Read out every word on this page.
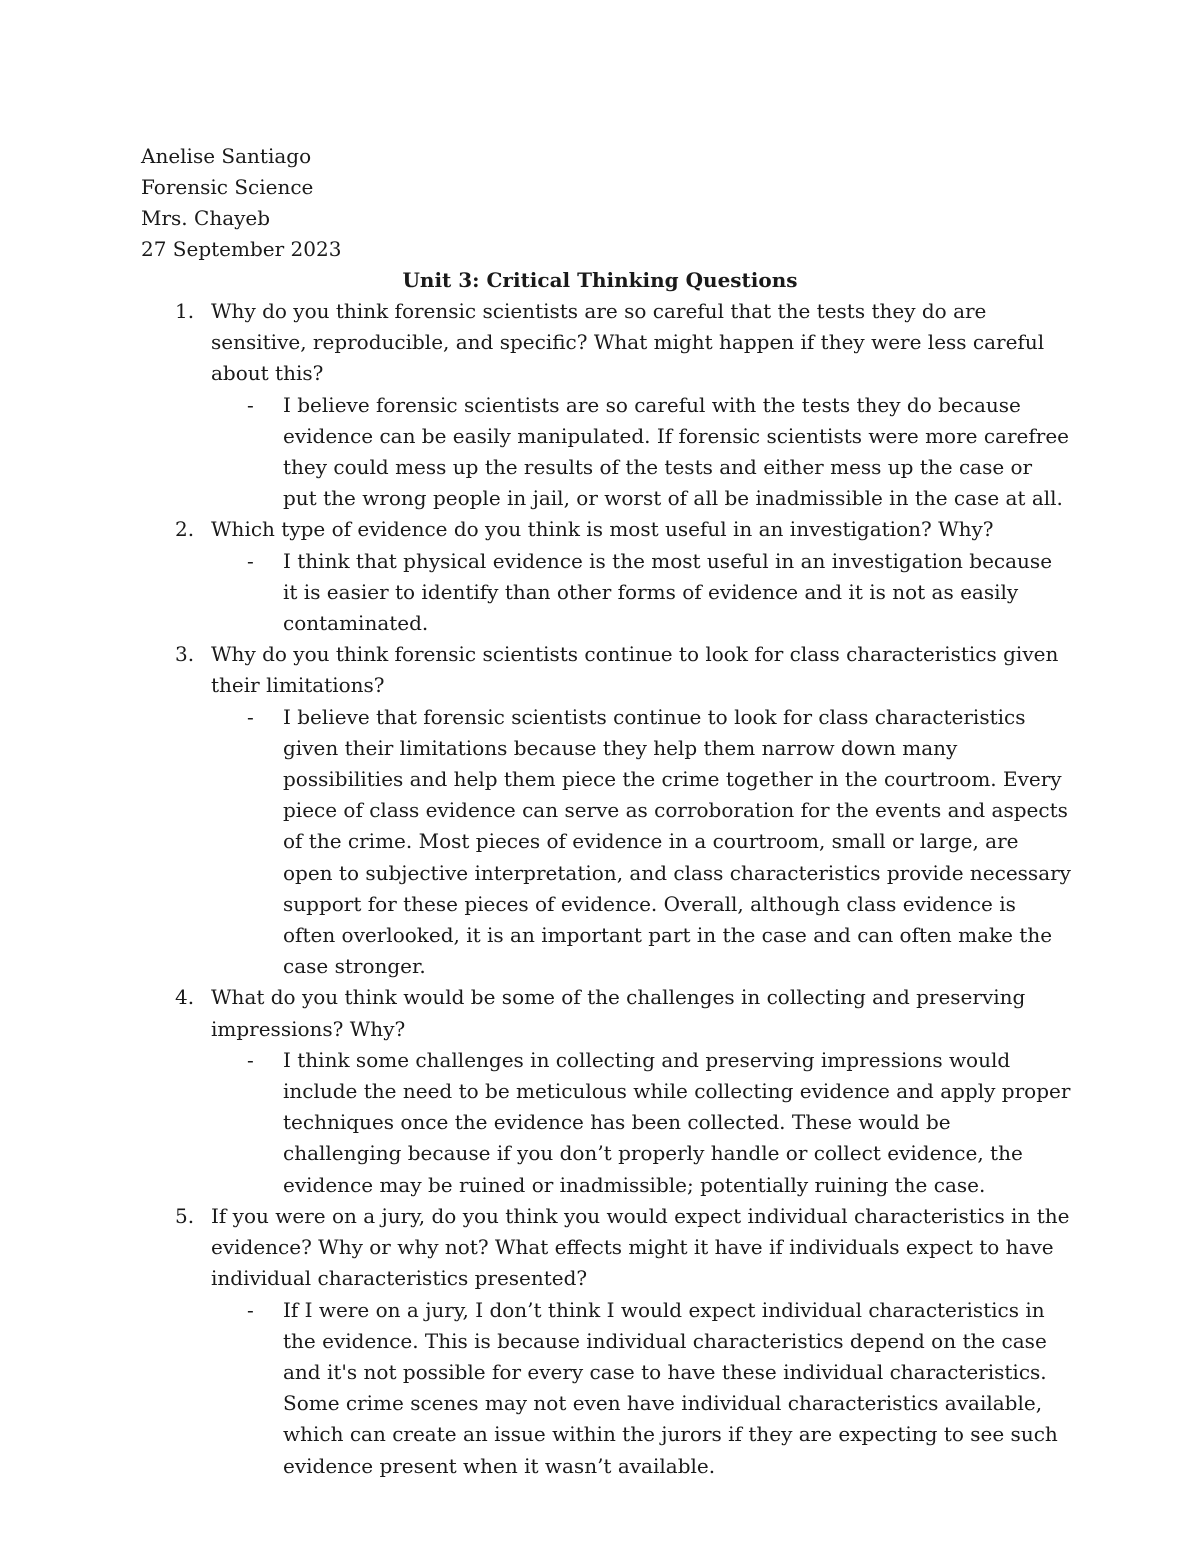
Anelise Santiago
Forensic Science
Mrs. Chayeb
27 September 2023
Unit 3: Critical Thinking Questions
1. Why do you think forensic scientists are so careful that the tests they do are sensitive, reproducible, and specific? What might happen if they were less careful about this?
- I believe forensic scientists are so careful with the tests they do because evidence can be easily manipulated. If forensic scientists were more carefree they could mess up the results of the tests and either mess up the case or put the wrong people in jail, or worst of all be inadmissible in the case at all.
2. Which type of evidence do you think is most useful in an investigation? Why?
- I think that physical evidence is the most useful in an investigation because it is easier to identify than other forms of evidence and it is not as easily contaminated.
3. Why do you think forensic scientists continue to look for class characteristics given their limitations?
- I believe that forensic scientists continue to look for class characteristics given their limitations because they help them narrow down many possibilities and help them piece the crime together in the courtroom. Every piece of class evidence can serve as corroboration for the events and aspects of the crime. Most pieces of evidence in a courtroom, small or large, are open to subjective interpretation, and class characteristics provide necessary support for these pieces of evidence. Overall, although class evidence is often overlooked, it is an important part in the case and can often make the case stronger.
4. What do you think would be some of the challenges in collecting and preserving impressions? Why?
- I think some challenges in collecting and preserving impressions would include the need to be meticulous while collecting evidence and apply proper techniques once the evidence has been collected. These would be challenging because if you don’t properly handle or collect evidence, the evidence may be ruined or inadmissible; potentially ruining the case.
5. If you were on a jury, do you think you would expect individual characteristics in the evidence? Why or why not? What effects might it have if individuals expect to have individual characteristics presented?
- If I were on a jury, I don’t think I would expect individual characteristics in the evidence. This is because individual characteristics depend on the case and it's not possible for every case to have these individual characteristics. Some crime scenes may not even have individual characteristics available, which can create an issue within the jurors if they are expecting to see such evidence present when it wasn’t available.
